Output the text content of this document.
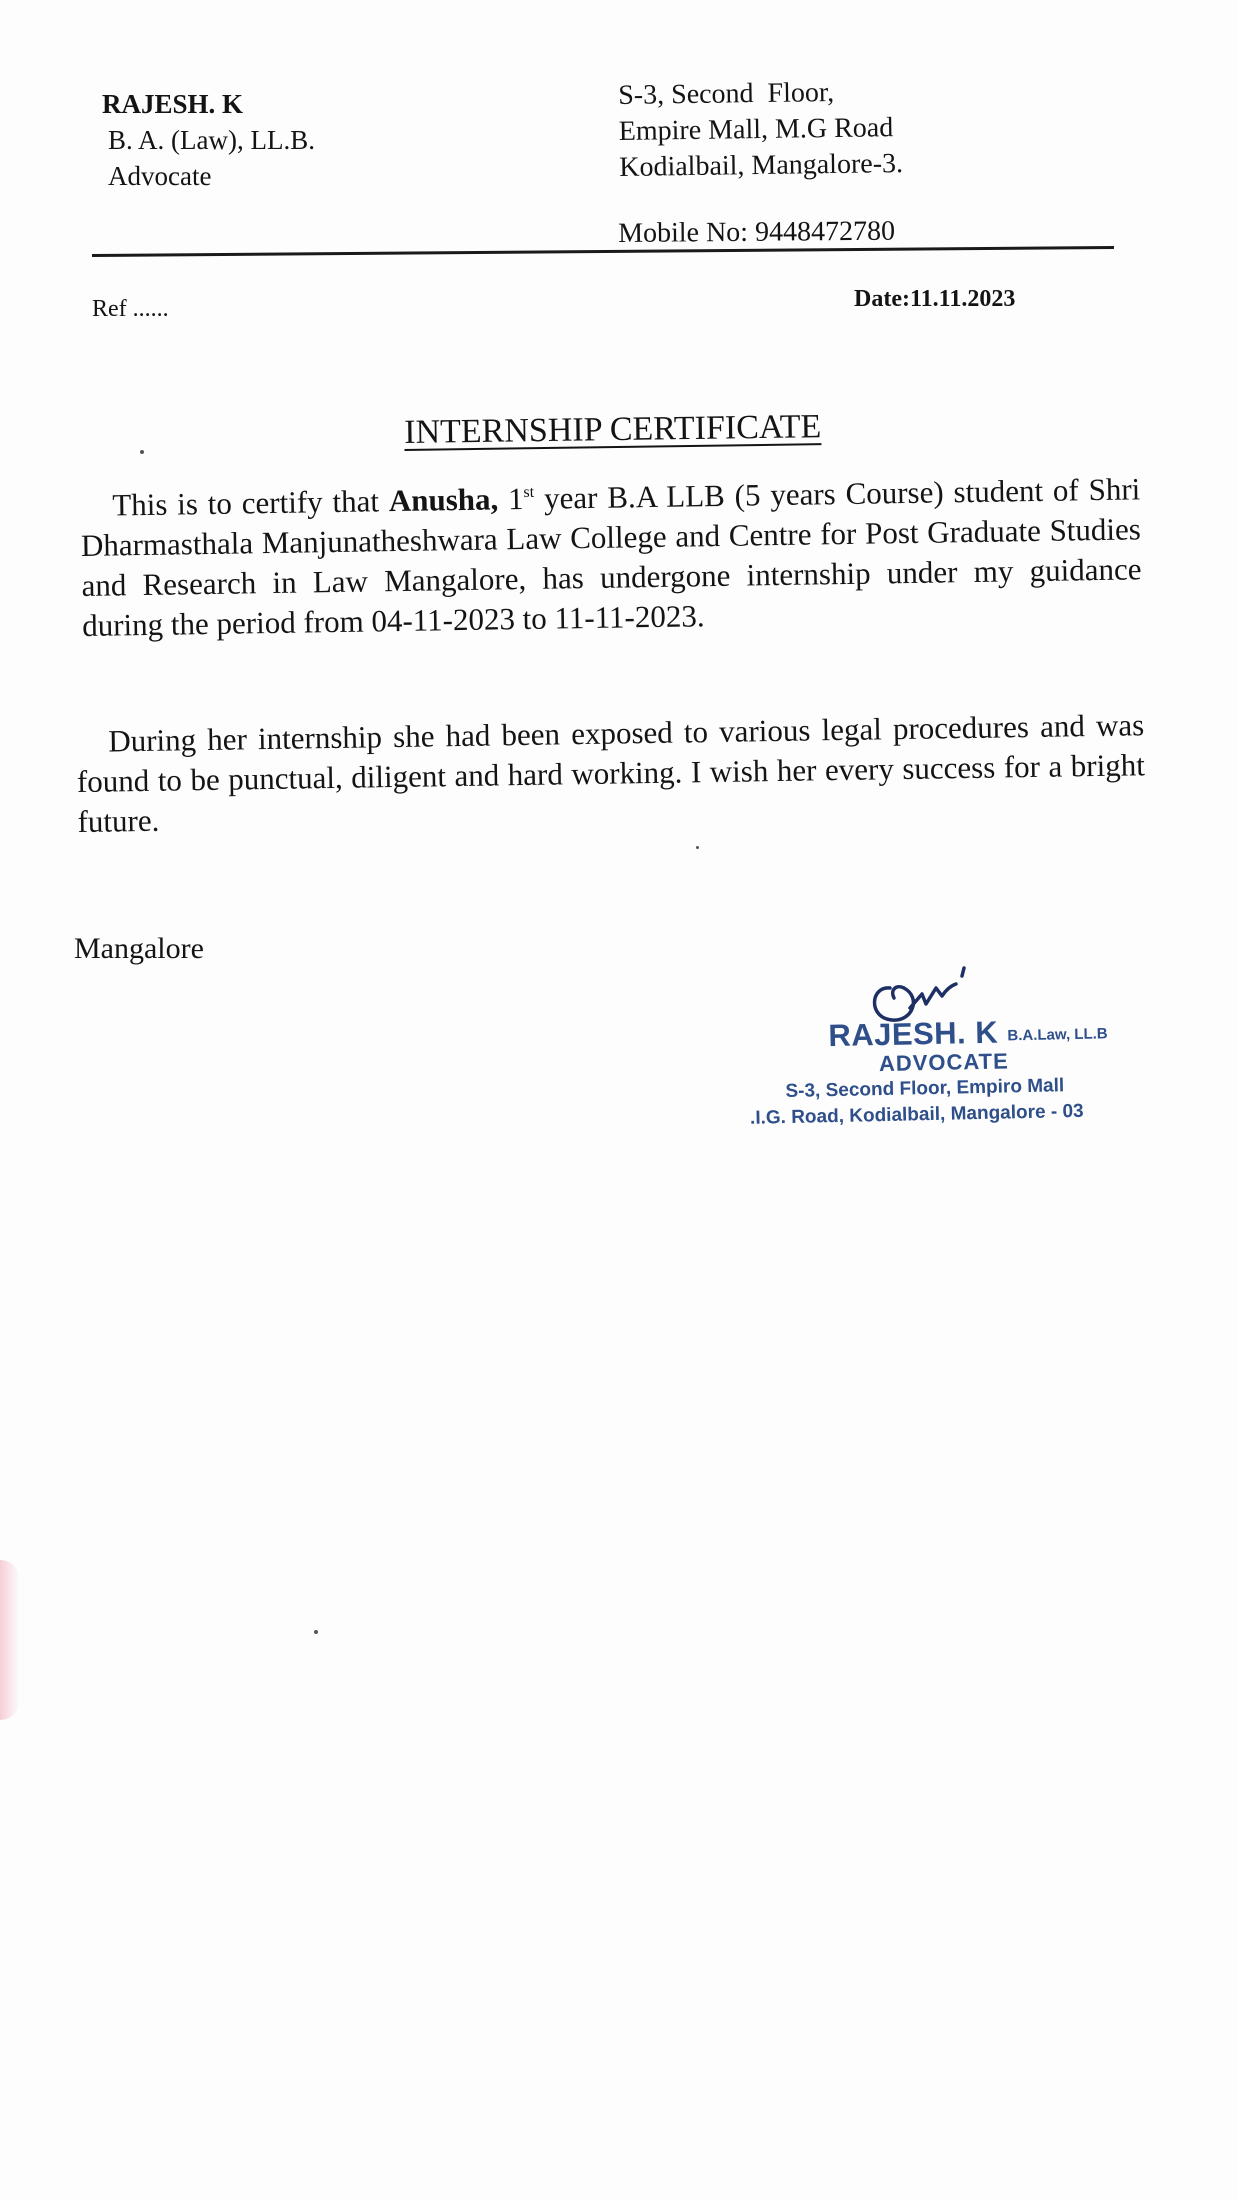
RAJESH. K
B. A. (Law), LL.B.
Advocate
S-3, Second  Floor,
Empire Mall, M.G Road
Kodialbail, Mangalore-3.
Mobile No: 9448472780
Ref ......	Date:11.11.2023
INTERNSHIP CERTIFICATE
This is to certify that Anusha, 1st year B.A LLB (5 years Course) student of Shri Dharmasthala Manjunatheshwara Law College and Centre for Post Graduate Studies and Research in Law Mangalore, has undergone internship under my guidance during the period from 04-11-2023 to 11-11-2023.
During her internship she had been exposed to various legal procedures and was found to be punctual, diligent and hard working. I wish her every success for a bright future.
Mangalore
RAJESH. K B.A.Law, LL.B
ADVOCATE
S-3, Second Floor, Empiro Mall
.I.G. Road, Kodialbail, Mangalore - 03
